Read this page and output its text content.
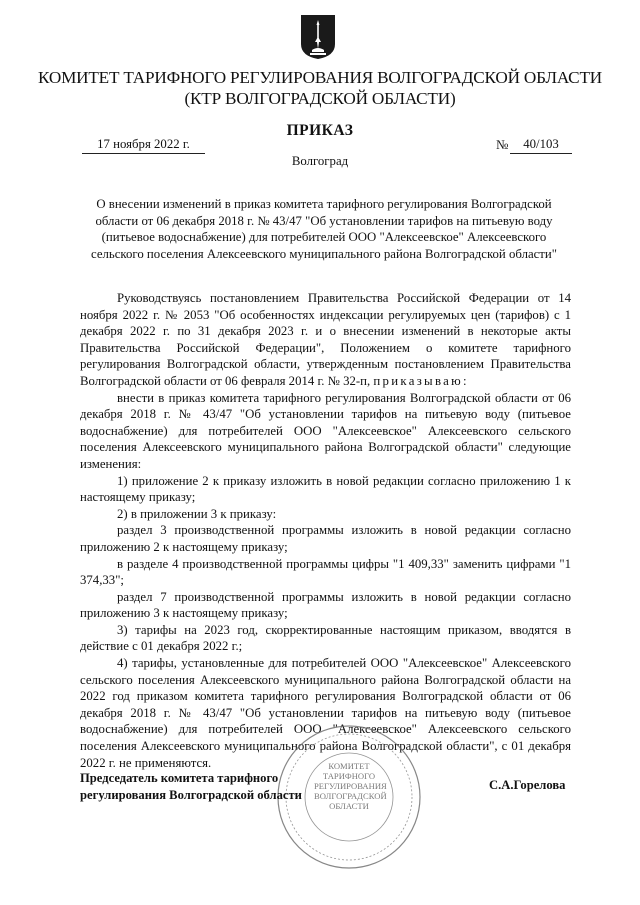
КОМИТЕТ ТАРИФНОГО РЕГУЛИРОВАНИЯ ВОЛГОГРАДСКОЙ ОБЛАСТИ
(КТР ВОЛГОГРАДСКОЙ ОБЛАСТИ)
ПРИКАЗ
17 ноября 2022 г.	№	40/103
Волгоград
О внесении изменений в приказ комитета тарифного регулирования Волгоградской области от 06 декабря 2018 г. № 43/47 "Об установлении тарифов на питьевую воду (питьевое водоснабжение) для потребителей ООО "Алексеевское" Алексеевского сельского поселения Алексеевского муниципального района Волгоградской области"

Руководствуясь постановлением Правительства Российской Федерации от 14 ноября 2022 г. № 2053 "Об особенностях индексации регулируемых цен (тарифов) с 1 декабря 2022 г. по 31 декабря 2023 г. и о внесении изменений в некоторые акты Правительства Российской Федерации", Положением о комитете тарифного регулирования Волгоградской области, утвержденным постановлением Правительства Волгоградской области от 06 февраля 2014 г. № 32-п, приказываю:

внести в приказ комитета тарифного регулирования Волгоградской области от 06 декабря 2018 г. № 43/47 "Об установлении тарифов на питьевую воду (питьевое водоснабжение) для потребителей ООО "Алексеевское" Алексеевского сельского поселения Алексеевского муниципального района Волгоградской области" следующие изменения:

1) приложение 2 к приказу изложить в новой редакции согласно приложению 1 к настоящему приказу;

2) в приложении 3 к приказу:

раздел 3 производственной программы изложить в новой редакции согласно приложению 2 к настоящему приказу;

в разделе 4 производственной программы цифры "1 409,33" заменить цифрами "1 374,33";

раздел 7 производственной программы изложить в новой редакции согласно приложению 3 к настоящему приказу;

3) тарифы на 2023 год, скорректированные настоящим приказом, вводятся в действие с 01 декабря 2022 г.;

4) тарифы, установленные для потребителей ООО "Алексеевское" Алексеевского сельского поселения Алексеевского муниципального района Волгоградской области на 2022 год приказом комитета тарифного регулирования Волгоградской области от 06 декабря 2018 г. № 43/47 "Об установлении тарифов на питьевую воду (питьевое водоснабжение) для потребителей ООО "Алексеевское" Алексеевского сельского поселения Алексеевского муниципального района Волгоградской области", с 01 декабря 2022 г. не применяются.	КОМИТЕТ
ТАРИФНОГО
РЕГУЛИРОВАНИЯ
ВОЛГОГРАДСКОЙ
ОБЛАСТИ
Председатель комитета тарифного
регулирования Волгоградской области
С.А.Горелова
